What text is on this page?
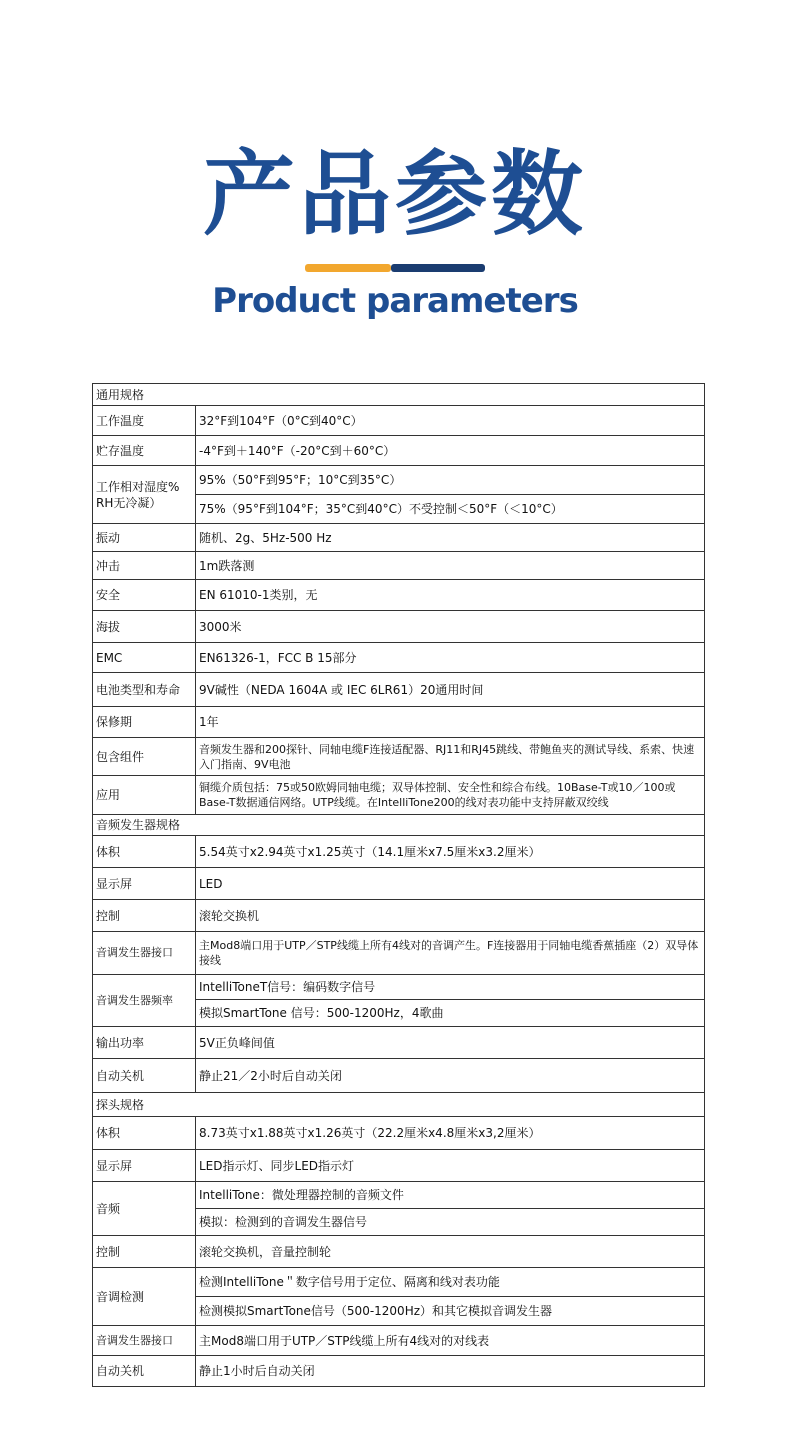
产品参数
Product parameters
通用规格	
工作温度	32°F到104°F（0°C到40°C）
贮存温度	-4°F到＋140°F（-20°C到＋60°C）
工作相对湿度% RH无冷凝）	95%（50°F到95°F；10°C到35°C）
	75%（95°F到104°F；35°C到40°C）不受控制＜50°F（＜10°C）
振动	随机、2g、5Hz-500 Hz
冲击	1m跌落测
安全	EN 61010-1类别，无
海拔	3000米
EMC	EN61326-1，FCC B 15部分
电池类型和寿命	9V碱性（NEDA 1604A 或 IEC 6LR61）20通用时间
保修期	1年
包含组件	音频发生器和200探针、同轴电缆F连接适配器、RJ11和RJ45跳线、带鲍鱼夹的测试导线、系索、快速入门指南、9V电池
应用	铜缆介质包括：75或50欧姆同轴电缆；双导体控制、安全性和综合布线。10Base-T或10／100或Base-T数据通信网络。UTP线缆。在IntelliTone200的线对表功能中支持屏蔽双绞线
音频发生器规格	
体积	5.54英寸x2.94英寸x1.25英寸（14.1厘米x7.5厘米x3.2厘米）
显示屏	LED
控制	滚轮交换机
音调发生器接口	主Mod8端口用于UTP／STP线缆上所有4线对的音调产生。F连接器用于同轴电缆香蕉插座（2）双导体接线
音调发生器频率	IntelliToneT信号：编码数字信号
	模拟SmartTone 信号：500-1200Hz，4歌曲
输出功率	5V正负峰间值
自动关机	静止21／2小时后自动关闭
探头规格	
体积	8.73英寸x1.88英寸x1.26英寸（22.2厘米x4.8厘米x3,2厘米）
显示屏	LED指示灯、同步LED指示灯
音频	IntelliTone：微处理器控制的音频文件
	模拟：检测到的音调发生器信号
控制	滚轮交换机，音量控制轮
音调检测	检测IntelliTone＂数字信号用于定位、隔离和线对表功能
	检测模拟SmartTone信号（500-1200Hz）和其它模拟音调发生器
音调发生器接口	主Mod8端口用于UTP／STP线缆上所有4线对的对线表
自动关机	静止1小时后自动关闭
